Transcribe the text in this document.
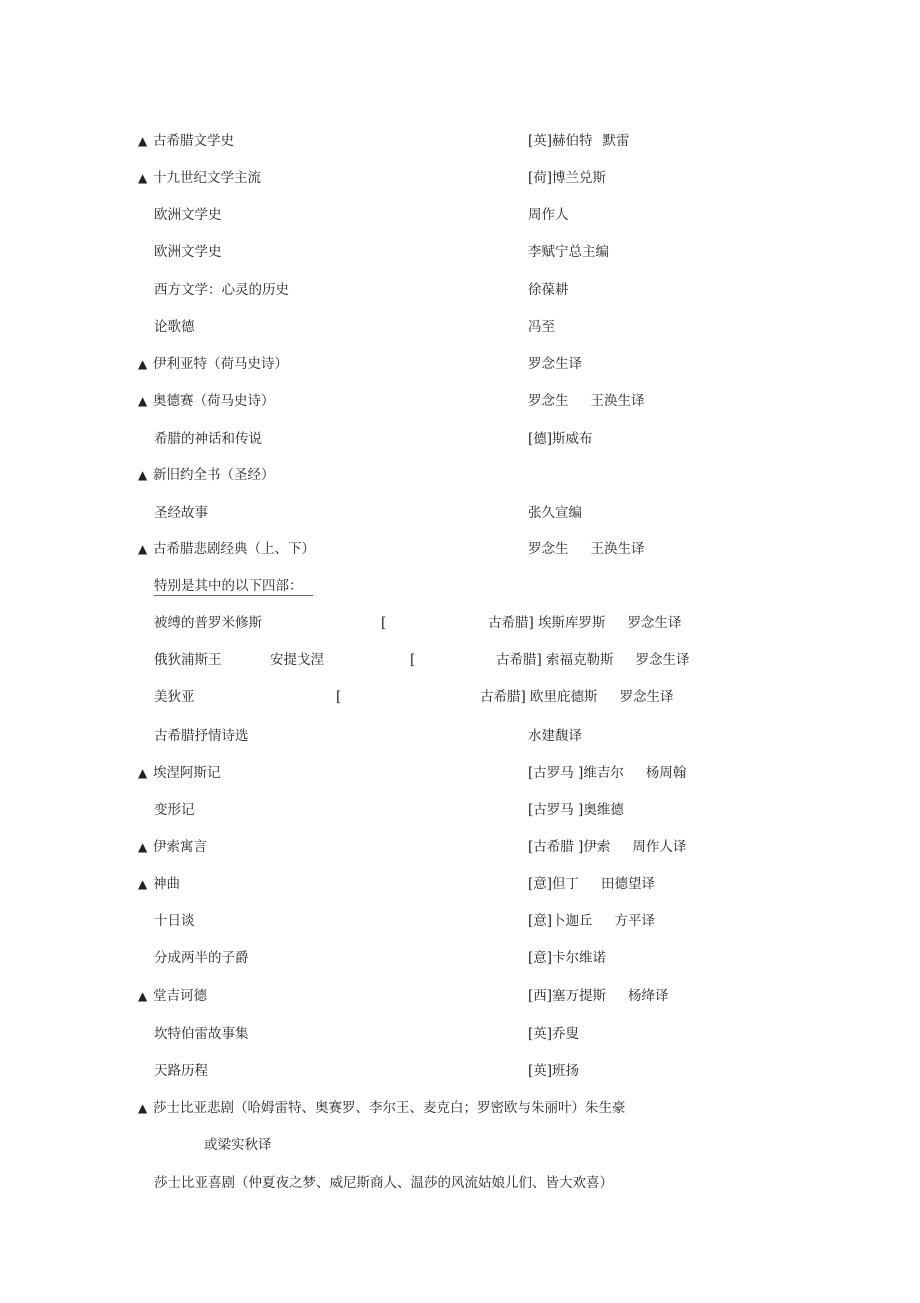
▲ 古希腊文学史	[英]赫伯特 默雷
▲ 十九世纪文学主流	[荷]博兰兑斯
欧洲文学史	周作人
欧洲文学史	李赋宁总主编
西方文学：心灵的历史	徐葆耕
论歌德	冯至
▲ 伊利亚特（荷马史诗）	罗念生译
▲ 奥德赛（荷马史诗）	罗念生 王涣生译
希腊的神话和传说	[德]斯威布
▲ 新旧约全书（圣经）
圣经故事	张久宣编
▲ 古希腊悲剧经典（上、下）	罗念生 王涣生译
特别是其中的以下四部：
被缚的普罗米修斯	[	古希腊] 埃斯库罗斯 罗念生译
俄狄浦斯王	安提戈涅	[	古希腊] 索福克勒斯 罗念生译
美狄亚	[	古希腊] 欧里庇德斯 罗念生译
古希腊抒情诗选	水建馥译
▲ 埃涅阿斯记	[古罗马 ]维吉尔 杨周翰
变形记	[古罗马 ]奥维德
▲ 伊索寓言	[古希腊 ]伊索 周作人译
▲ 神曲	[意]但丁 田德望译
十日谈	[意]卜迦丘 方平译
分成两半的子爵	[意]卡尔维诺
▲ 堂吉诃德	[西]塞万提斯 杨绛译
坎特伯雷故事集	[英]乔叟
天路历程	[英]班扬
▲ 莎士比亚悲剧（哈姆雷特、奥赛罗、李尔王、麦克白；罗密欧与朱丽叶）朱生豪
或梁实秋译
莎士比亚喜剧（仲夏夜之梦、威尼斯商人、温莎的风流姑娘儿们、皆大欢喜）
